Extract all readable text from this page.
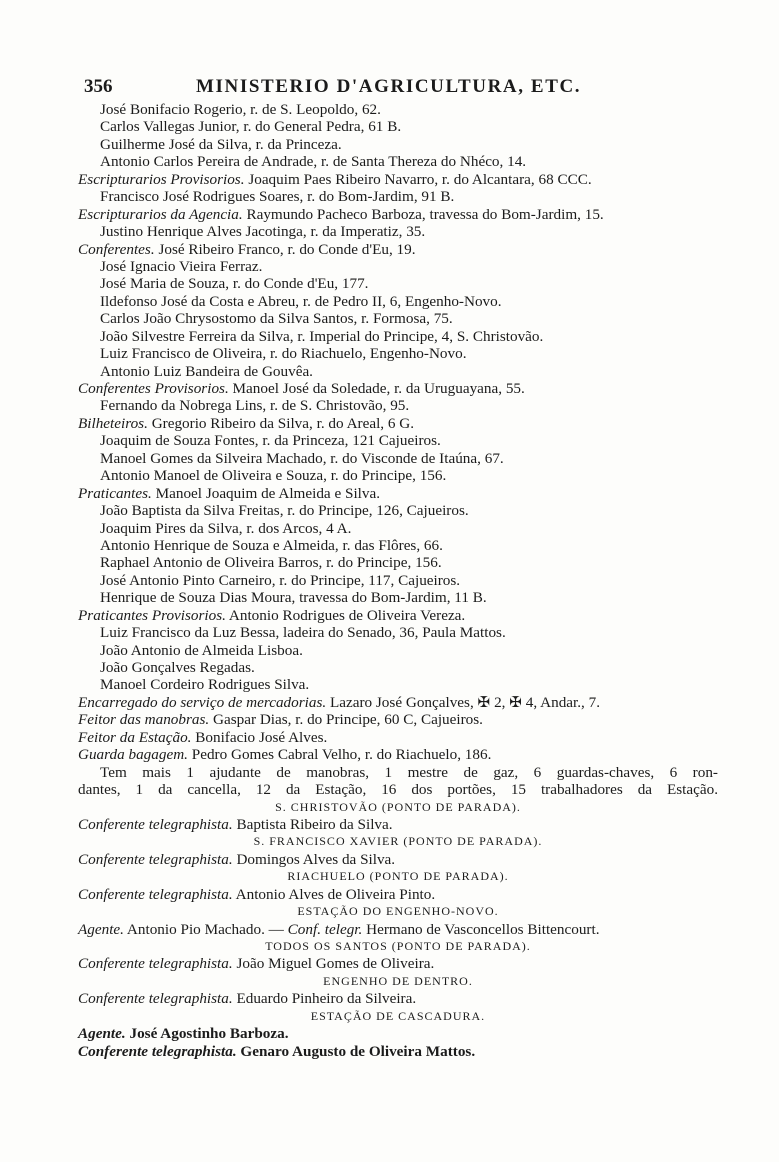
356	MINISTERIO D'AGRICULTURA, ETC.
José Bonifacio Rogerio, r. de S. Leopoldo, 62.
Carlos Vallegas Junior, r. do General Pedra, 61 B.
Guilherme José da Silva, r. da Princeza.
Antonio Carlos Pereira de Andrade, r. de Santa Thereza do Nhéco, 14.
Escripturarios Provisorios. Joaquim Paes Ribeiro Navarro, r. do Alcantara, 68 CCC.
Francisco José Rodrigues Soares, r. do Bom-Jardim, 91 B.
Escripturarios da Agencia. Raymundo Pacheco Barboza, travessa do Bom-Jardim, 15.
Justino Henrique Alves Jacotinga, r. da Imperatiz, 35.
Conferentes. José Ribeiro Franco, r. do Conde d'Eu, 19.
José Ignacio Vieira Ferraz.
José Maria de Souza, r. do Conde d'Eu, 177.
Ildefonso José da Costa e Abreu, r. de Pedro II, 6, Engenho-Novo.
Carlos João Chrysostomo da Silva Santos, r. Formosa, 75.
João Silvestre Ferreira da Silva, r. Imperial do Principe, 4, S. Christovão.
Luiz Francisco de Oliveira, r. do Riachuelo, Engenho-Novo.
Antonio Luiz Bandeira de Gouvêa.
Conferentes Provisorios. Manoel José da Soledade, r. da Uruguayana, 55.
Fernando da Nobrega Lins, r. de S. Christovão, 95.
Bilheteiros. Gregorio Ribeiro da Silva, r. do Areal, 6 G.
Joaquim de Souza Fontes, r. da Princeza, 121 Cajueiros.
Manoel Gomes da Silveira Machado, r. do Visconde de Itaúna, 67.
Antonio Manoel de Oliveira e Souza, r. do Principe, 156.
Praticantes. Manoel Joaquim de Almeida e Silva.
João Baptista da Silva Freitas, r. do Principe, 126, Cajueiros.
Joaquim Pires da Silva, r. dos Arcos, 4 A.
Antonio Henrique de Souza e Almeida, r. das Flôres, 66.
Raphael Antonio de Oliveira Barros, r. do Principe, 156.
José Antonio Pinto Carneiro, r. do Principe, 117, Cajueiros.
Henrique de Souza Dias Moura, travessa do Bom-Jardim, 11 B.
Praticantes Provisorios. Antonio Rodrigues de Oliveira Vereza.
Luiz Francisco da Luz Bessa, ladeira do Senado, 36, Paula Mattos.
João Antonio de Almeida Lisboa.
João Gonçalves Regadas.
Manoel Cordeiro Rodrigues Silva.
Encarregado do serviço de mercadorias. Lazaro José Gonçalves, ✠ 2, ✠ 4, Andar., 7.
Feitor das manobras. Gaspar Dias, r. do Principe, 60 C, Cajueiros.
Feitor da Estação. Bonifacio José Alves.
Guarda bagagem. Pedro Gomes Cabral Velho, r. do Riachuelo, 186.
Tem mais 1 ajudante de manobras, 1 mestre de gaz, 6 guardas-chaves, 6 ron-
dantes, 1 da cancella, 12 da Estação, 16 dos portões, 15 trabalhadores da Estação.
S. CHRISTOVÃO (PONTO DE PARADA).
Conferente telegraphista. Baptista Ribeiro da Silva.
S. FRANCISCO XAVIER (PONTO DE PARADA).
Conferente telegraphista. Domingos Alves da Silva.
RIACHUELO (PONTO DE PARADA).
Conferente telegraphista. Antonio Alves de Oliveira Pinto.
ESTAÇÃO DO ENGENHO-NOVO.
Agente. Antonio Pio Machado. — Conf. telegr. Hermano de Vasconcellos Bittencourt.
TODOS OS SANTOS (PONTO DE PARADA).
Conferente telegraphista. João Miguel Gomes de Oliveira.
ENGENHO DE DENTRO.
Conferente telegraphista. Eduardo Pinheiro da Silveira.
ESTAÇÃO DE CASCADURA.
Agente. José Agostinho Barboza.
Conferente telegraphista. Genaro Augusto de Oliveira Mattos.
